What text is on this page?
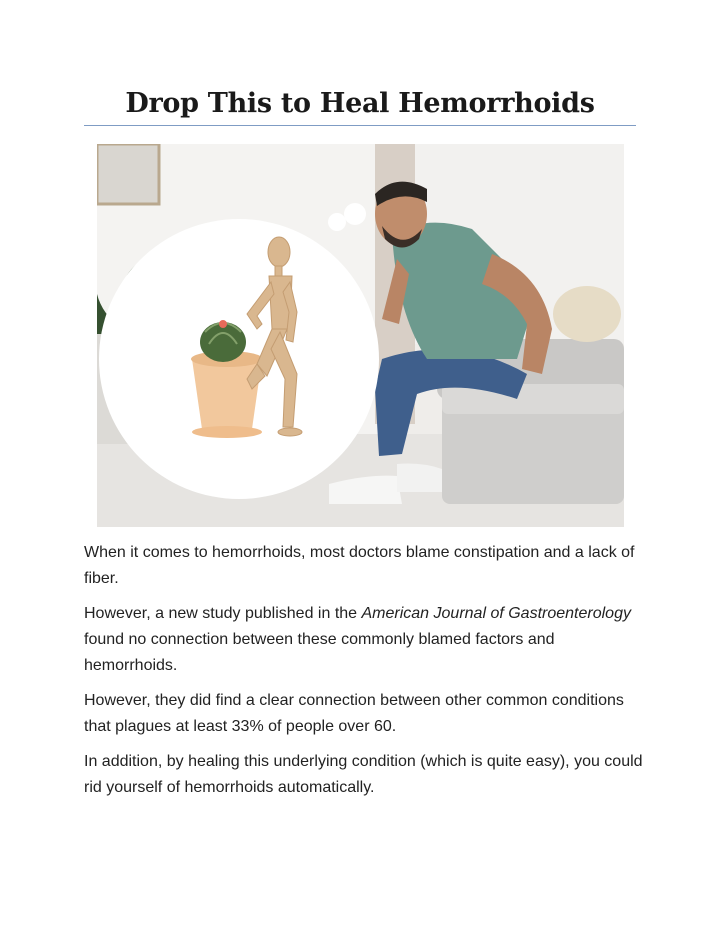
Drop This to Heal Hemorrhoids

When it comes to hemorrhoids, most doctors blame constipation and a lack of fiber.

However, a new study published in the American Journal of Gastroenterology found no connection between these commonly blamed factors and hemorrhoids.

However, they did find a clear connection between other common conditions that plagues at least 33% of people over 60.

In addition, by healing this underlying condition (which is quite easy), you could rid yourself of hemorrhoids automatically.
